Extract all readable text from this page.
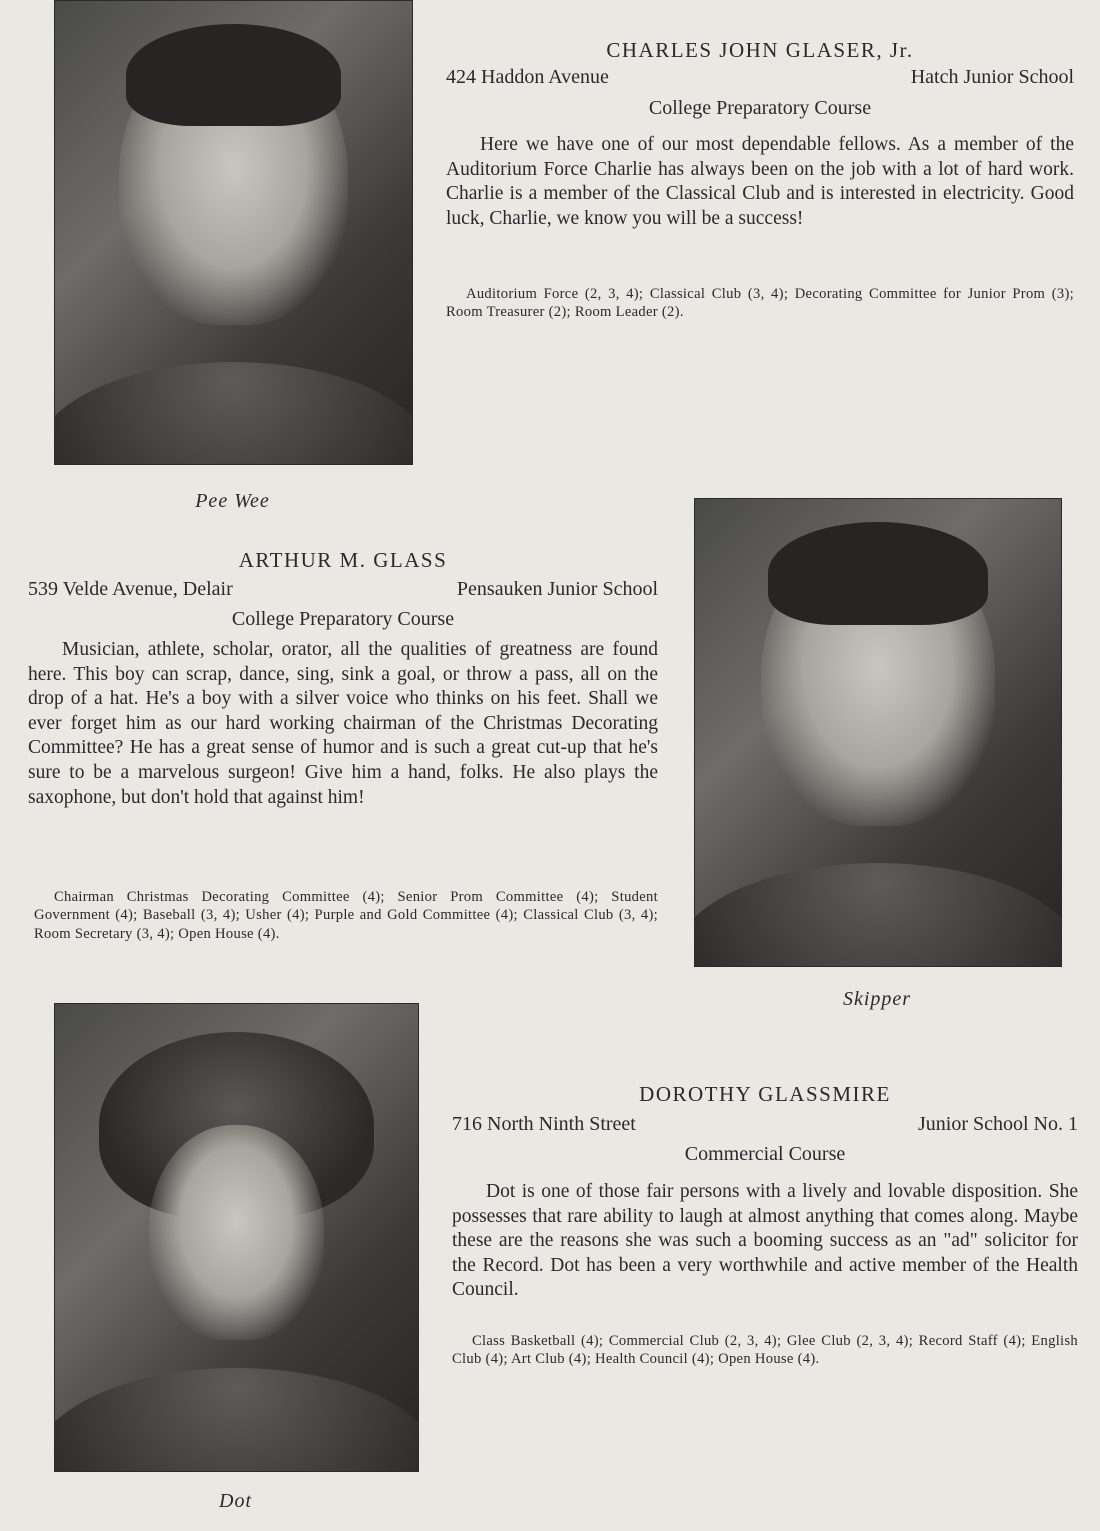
Pee Wee
CHARLES JOHN GLASER, Jr.
424 Haddon Avenue	Hatch Junior School
College Preparatory Course

Here we have one of our most dependable fellows. As a member of the Auditorium Force Charlie has always been on the job with a lot of hard work. Charlie is a member of the Classical Club and is interested in electricity. Good luck, Charlie, we know you will be a success!

Auditorium Force (2, 3, 4); Classical Club (3, 4); Decorating Committee for Junior Prom (3); Room Treasurer (2); Room Leader (2).

ARTHUR M. GLASS
539 Velde Avenue, Delair	Pensauken Junior School
College Preparatory Course

Musician, athlete, scholar, orator, all the qualities of greatness are found here. This boy can scrap, dance, sing, sink a goal, or throw a pass, all on the drop of a hat. He's a boy with a silver voice who thinks on his feet. Shall we ever forget him as our hard working chairman of the Christmas Decorating Committee? He has a great sense of humor and is such a great cut-up that he's sure to be a marvelous surgeon! Give him a hand, folks. He also plays the saxophone, but don't hold that against him!

Chairman Christmas Decorating Committee (4); Senior Prom Committee (4); Student Government (4); Baseball (3, 4); Usher (4); Purple and Gold Committee (4); Classical Club (3, 4); Room Secretary (3, 4); Open House (4).

Skipper
Dot
DOROTHY GLASSMIRE
716 North Ninth Street	Junior School No. 1
Commercial Course

Dot is one of those fair persons with a lively and lovable disposition. She possesses that rare ability to laugh at almost anything that comes along. Maybe these are the reasons she was such a booming success as an "ad" solicitor for the Record. Dot has been a very worthwhile and active member of the Health Council.

Class Basketball (4); Commercial Club (2, 3, 4); Glee Club (2, 3, 4); Record Staff (4); English Club (4); Art Club (4); Health Council (4); Open House (4).
